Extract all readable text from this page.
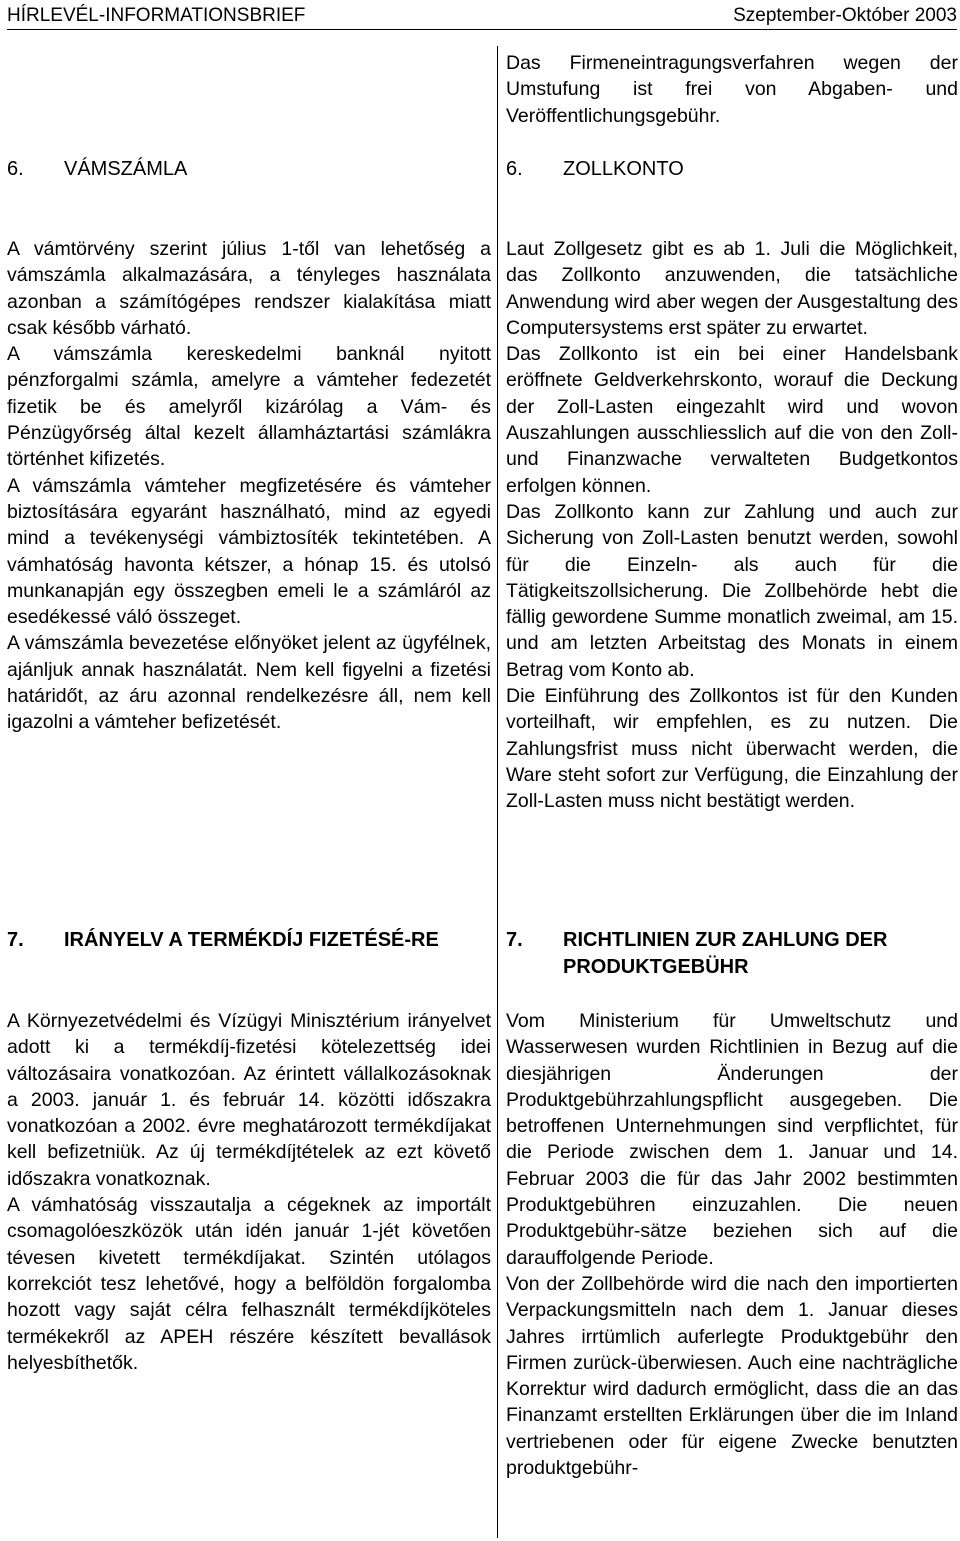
HÍRLEVÉL-INFORMATIONSBRIEF	Szeptember-Október 2003

Das Firmeneintragungsverfahren wegen der Umstufung ist frei von Abgaben- und Veröffentlichungsgebühr.

6. VÁMSZÁMLA	6. ZOLLKONTO

A vámtörvény szerint július 1-től van lehetőség a vámszámla alkalmazására, a tényleges használata azonban a számítógépes rendszer kialakítása miatt csak később várható.

A vámszámla kereskedelmi banknál nyitott pénzforgalmi számla, amelyre a vámteher fedezetét fizetik be és amelyről kizárólag a Vám- és Pénzügyőrség által kezelt államháztartási számlákra történhet kifizetés.

A vámszámla vámteher megfizetésére és vámteher biztosítására egyaránt használható, mind az egyedi mind a tevékenységi vámbiztosíték tekintetében. A vámhatóság havonta kétszer, a hónap 15. és utolsó munkanapján egy összegben emeli le a számláról az esedékessé váló összeget.

A vámszámla bevezetése előnyöket jelent az ügyfélnek, ajánljuk annak használatát. Nem kell figyelni a fizetési határidőt, az áru azonnal rendelkezésre áll, nem kell igazolni a vámteher befizetését.

Laut Zollgesetz gibt es ab 1. Juli die Möglichkeit, das Zollkonto anzuwenden, die tatsächliche Anwendung wird aber wegen der Ausgestaltung des Computersystems erst später zu erwartet.

Das Zollkonto ist ein bei einer Handelsbank eröffnete Geldverkehrskonto, worauf die Deckung der Zoll-Lasten eingezahlt wird und wovon Auszahlungen ausschliesslich auf die von den Zoll- und Finanzwache verwalteten Budgetkontos erfolgen können.

Das Zollkonto kann zur Zahlung und auch zur Sicherung von Zoll-Lasten benutzt werden, sowohl für die Einzeln- als auch für die Tätigkeitszollsicherung. Die Zollbehörde hebt die fällig gewordene Summe monatlich zweimal, am 15. und am letzten Arbeitstag des Monats in einem Betrag vom Konto ab.

Die Einführung des Zollkontos ist für den Kunden vorteilhaft, wir empfehlen, es zu nutzen. Die Zahlungsfrist muss nicht überwacht werden, die Ware steht sofort zur Verfügung, die Einzahlung der Zoll-Lasten muss nicht bestätigt werden.

7. IRÁNYELV A TERMÉKDÍJ FIZETÉSÉ-RE	7. RICHTLINIEN ZUR ZAHLUNG DER PRODUKTGEBÜHR

A Környezetvédelmi és Vízügyi Minisztérium irányelvet adott ki a termékdíj-fizetési kötelezettség idei változásaira vonatkozóan. Az érintett vállalkozásoknak a 2003. január 1. és február 14. közötti időszakra vonatkozóan a 2002. évre meghatározott termékdíjakat kell befizetniük. Az új termékdíjtételek az ezt követő időszakra vonatkoznak.

A vámhatóság visszautalja a cégeknek az importált csomagolóeszközök után idén január 1-jét követően tévesen kivetett termékdíjakat. Szintén utólagos korrekciót tesz lehetővé, hogy a belföldön forgalomba hozott vagy saját célra felhasznált termékdíjköteles termékekről az APEH részére készített bevallások helyesbíthetők.

Vom Ministerium für Umweltschutz und Wasserwesen wurden Richtlinien in Bezug auf die diesjährigen Änderungen der Produktgebührzahlungspflicht ausgegeben. Die betroffenen Unternehmungen sind verpflichtet, für die Periode zwischen dem 1. Januar und 14. Februar 2003 die für das Jahr 2002 bestimmten Produktgebühren einzuzahlen. Die neuen Produktgebühr-sätze beziehen sich auf die darauffolgende Periode.

Von der Zollbehörde wird die nach den importierten Verpackungsmitteln nach dem 1. Januar dieses Jahres irrtümlich auferlegte Produktgebühr den Firmen zurück-überwiesen. Auch eine nachträgliche Korrektur wird dadurch ermöglicht, dass die an das Finanzamt erstellten Erklärungen über die im Inland vertriebenen oder für eigene Zwecke benutzten produktgebühr-
